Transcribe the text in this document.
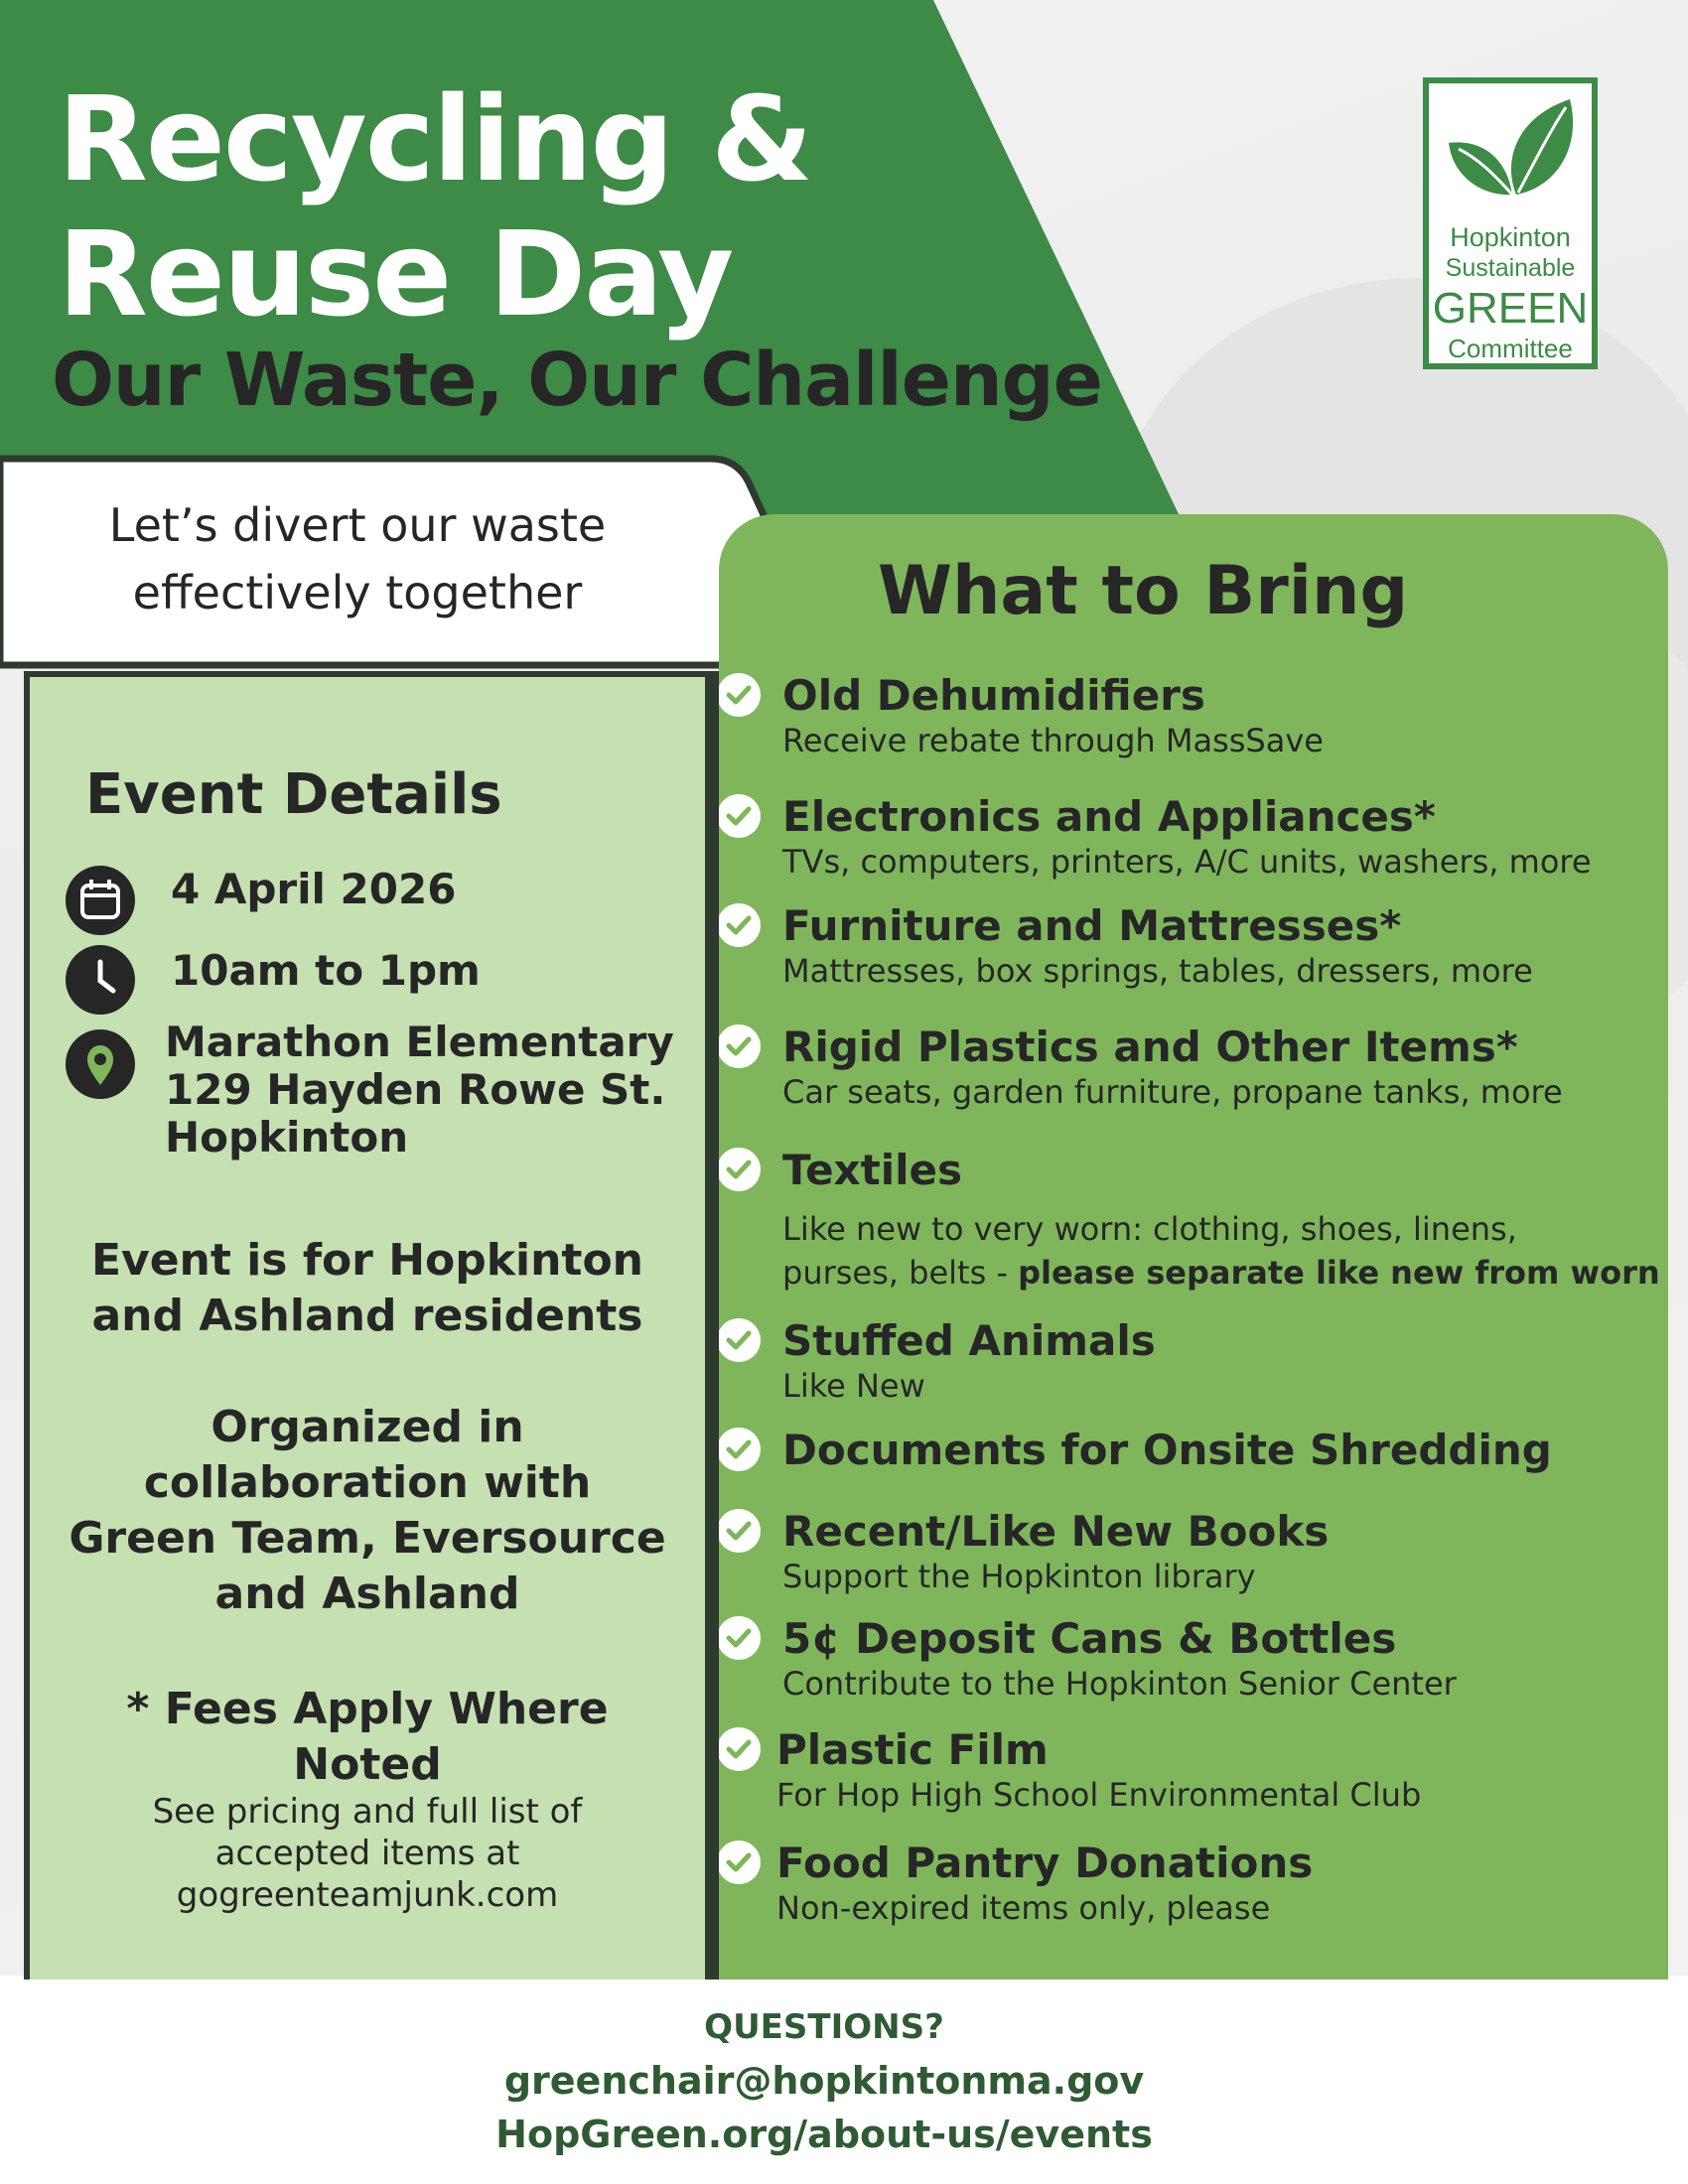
Recycling &
Reuse Day
Our Waste, Our Challenge
Hopkinton
Sustainable
GREEN
Committee
Let’s divert our waste
effectively together	What to Bring
Old Dehumidifiers
Receive rebate through MassSave
Electronics and Appliances*
TVs, computers, printers, A/C units, washers, more
Furniture and Mattresses*
Mattresses, box springs, tables, dressers, more
Rigid Plastics and Other Items*
Car seats, garden furniture, propane tanks, more
Textiles
Like new to very worn: clothing, shoes, linens,
purses, belts - please separate like new from worn
Stuffed Animals
Like New
Documents for Onsite Shredding
Recent/Like New Books
Support the Hopkinton library
5¢ Deposit Cans & Bottles
Contribute to the Hopkinton Senior Center
Plastic Film
For Hop High School Environmental Club
Food Pantry Donations
Non-expired items only, please
Event Details
4 April 2026
10am to 1pm
Marathon Elementary
129 Hayden Rowe St.
Hopkinton
Event is for Hopkinton
and Ashland residents
Organized in
collaboration with
Green Team, Eversource
and Ashland
* Fees Apply Where
Noted
See pricing and full list of
accepted items at
gogreenteamjunk.com
QUESTIONS?
greenchair@hopkintonma.gov
HopGreen.org/about-us/events
